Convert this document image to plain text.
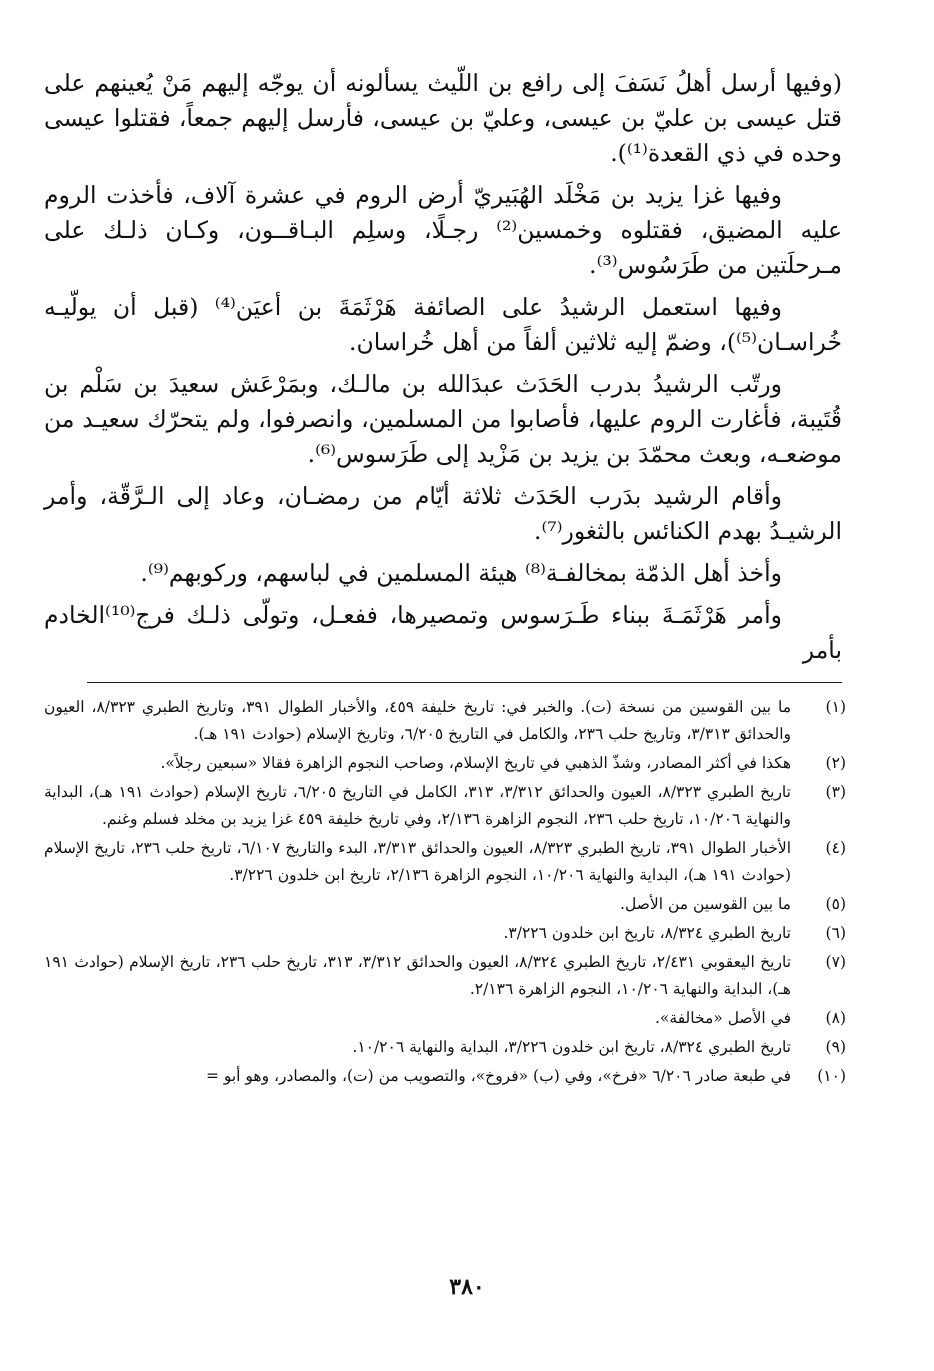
(وفيها أرسل أهلُ نَسَفَ إلى رافع بن اللّيث يسألونه أن يوجّه إليهم مَنْ يُعينهم على قتل عيسى بن عليّ بن عيسى، وعليّ بن عيسى، فأرسل إليهم جمعاً، فقتلوا عيسى وحده في ذي القعدة⁽¹⁾).

وفيها غزا يزيد بن مَخْلَد الهُبَيريّ أرض الروم في عشرة آلاف، فأخذت الروم عليه المضيق، فقتلوه وخمسين⁽²⁾ رجـلًا، وسلِم البـاقــون، وكـان ذلـك على مـرحلَتين من طَرَسُوس⁽³⁾.

وفيها استعمل الرشيدُ على الصائفة هَرْثَمَةَ بن أعيَن⁽⁴⁾ (قبل أن يولّيـه خُراسـان⁽⁵⁾)، وضمّ إليه ثلاثين ألفاً من أهل خُراسان.

ورتّب الرشيدُ بدرب الحَدَث عبدَالله بن مالـك، وبمَرْعَش سعيدَ بن سَلْم بن قُتَيبة، فأغارت الروم عليها، فأصابوا من المسلمين، وانصرفوا، ولم يتحرّك سعيـد من موضعـه، وبعث محمّدَ بن يزيد بن مَزْيد إلى طَرَسوس⁽⁶⁾.

وأقام الرشيد بدَرب الحَدَث ثلاثة أيّام من رمضـان، وعاد إلى الـرَّقّة، وأمر الرشيـدُ بهدم الكنائس بالثغور⁽⁷⁾.

وأخذ أهل الذمّة بمخالفـة⁽⁸⁾ هيئة المسلمين في لباسهم، وركوبهم⁽⁹⁾.

وأمر هَرْثَمَـةَ ببناء طَـرَسوس وتمصيرها، ففعـل، وتولّى ذلـك فرج⁽¹⁰⁾الخادم بأمر

(١)
ما بين القوسين من نسخة (ت). والخبر في: تاريخ خليفة ٤٥٩، والأخبار الطوال ٣٩١، وتاريخ الطبري ٨/٣٢٣، العيون والحدائق ٣/٣١٣، وتاريخ حلب ٢٣٦، والكامل في التاريخ ٦/٢٠٥، وتاريخ الإسلام (حوادث ١٩١ هـ).
(٢)
هكذا في أكثر المصادر، وشذّ الذهبي في تاريخ الإسلام، وصاحب النجوم الزاهرة فقالا «سبعين رجلاً».
(٣)
تاريخ الطبري ٨/٣٢٣، العيون والحدائق ٣/٣١٢، ٣١٣، الكامل في التاريخ ٦/٢٠٥، تاريخ الإسلام (حوادث ١٩١ هـ)، البداية والنهاية ١٠/٢٠٦، تاريخ حلب ٢٣٦، النجوم الزاهرة ٢/١٣٦، وفي تاريخ خليفة ٤٥٩ غزا يزيد بن مخلد فسلم وغنم.
(٤)
الأخبار الطوال ٣٩١، تاريخ الطبري ٨/٣٢٣، العيون والحدائق ٣/٣١٣، البدء والتاريخ ٦/١٠٧، تاريخ حلب ٢٣٦، تاريخ الإسلام (حوادث ١٩١ هـ)، البداية والنهاية ١٠/٢٠٦، النجوم الزاهرة ٢/١٣٦، تاريخ ابن خلدون ٣/٢٢٦.
(٥)
ما بين القوسين من الأصل.
(٦)
تاريخ الطبري ٨/٣٢٤، تاريخ ابن خلدون ٣/٢٢٦.
(٧)
تاريخ اليعقوبي ٢/٤٣١، تاريخ الطبري ٨/٣٢٤، العيون والحدائق ٣/٣١٢، ٣١٣، تاريخ حلب ٢٣٦، تاريخ الإسلام (حوادث ١٩١ هـ)، البداية والنهاية ١٠/٢٠٦، النجوم الزاهرة ٢/١٣٦.
(٨)
في الأصل «مخالفة».
(٩)
تاريخ الطبري ٨/٣٢٤، تاريخ ابن خلدون ٣/٢٢٦، البداية والنهاية ١٠/٢٠٦.
(١٠)
في طبعة صادر ٦/٢٠٦ «فرخ»، وفي (ب) «فروخ»، والتصويب من (ت)، والمصادر، وهو أبو =
٣٨٠
